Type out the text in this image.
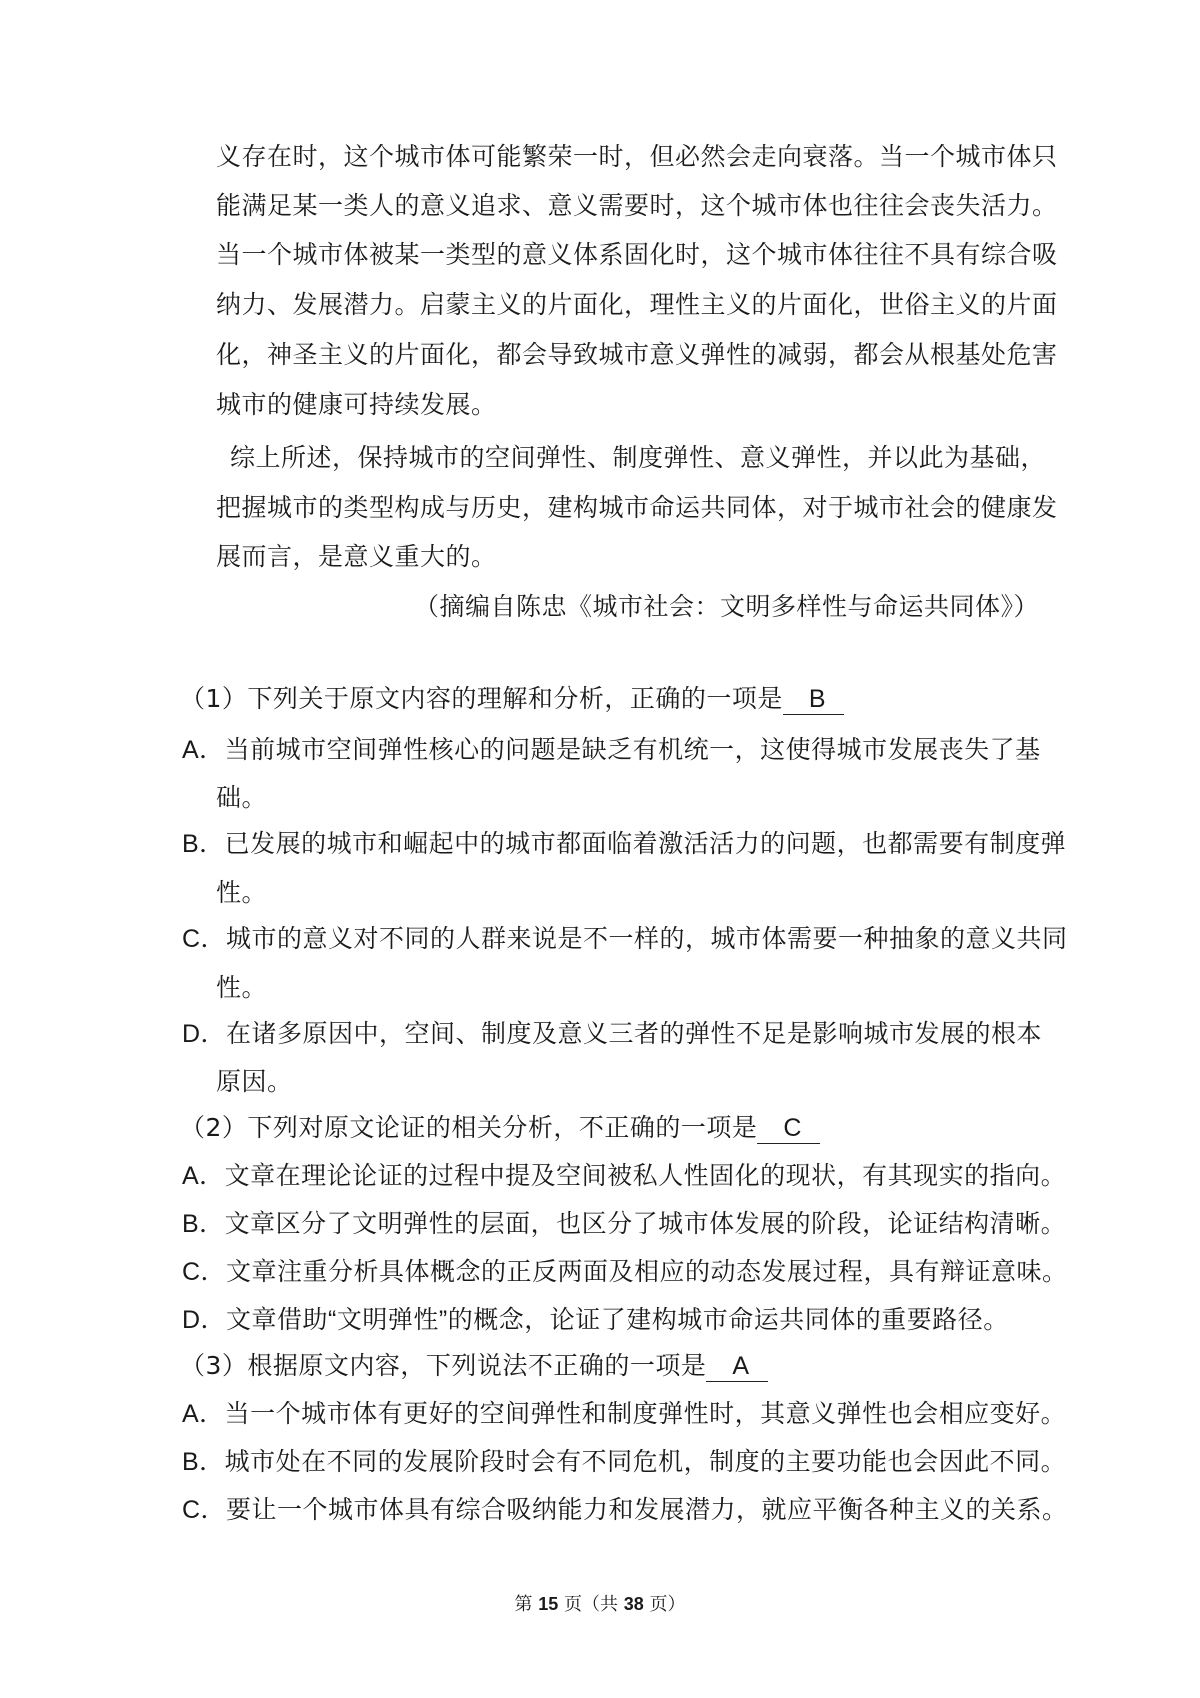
义存在时，这个城市体可能繁荣一时，但必然会走向衰落。当一个城市体只
能满足某一类人的意义追求、意义需要时，这个城市体也往往会丧失活力。
当一个城市体被某一类型的意义体系固化时，这个城市体往往不具有综合吸
纳力、发展潜力。启蒙主义的片面化，理性主义的片面化，世俗主义的片面
化，神圣主义的片面化，都会导致城市意义弹性的减弱，都会从根基处危害
城市的健康可持续发展。
综上所述，保持城市的空间弹性、制度弹性、意义弹性，并以此为基础，
把握城市的类型构成与历史，建构城市命运共同体，对于城市社会的健康发
展而言，是意义重大的。
（摘编自陈忠《城市社会：文明多样性与命运共同体》）
（1）下列关于原文内容的理解和分析，正确的一项是 B
A．当前城市空间弹性核心的问题是缺乏有机统一，这使得城市发展丧失了基
础。
B．已发展的城市和崛起中的城市都面临着激活活力的问题，也都需要有制度弹
性。
C．城市的意义对不同的人群来说是不一样的，城市体需要一种抽象的意义共同
性。
D．在诸多原因中，空间、制度及意义三者的弹性不足是影响城市发展的根本
原因。
（2）下列对原文论证的相关分析，不正确的一项是 C
A．文章在理论论证的过程中提及空间被私人性固化的现状，有其现实的指向。
B．文章区分了文明弹性的层面，也区分了城市体发展的阶段，论证结构清晰。
C．文章注重分析具体概念的正反两面及相应的动态发展过程，具有辩证意味。
D．文章借助“文明弹性”的概念，论证了建构城市命运共同体的重要路径。
（3）根据原文内容，下列说法不正确的一项是 A
A．当一个城市体有更好的空间弹性和制度弹性时，其意义弹性也会相应变好。
B．城市处在不同的发展阶段时会有不同危机，制度的主要功能也会因此不同。
C．要让一个城市体具有综合吸纳能力和发展潜力，就应平衡各种主义的关系。
第 15 页（共 38 页）
